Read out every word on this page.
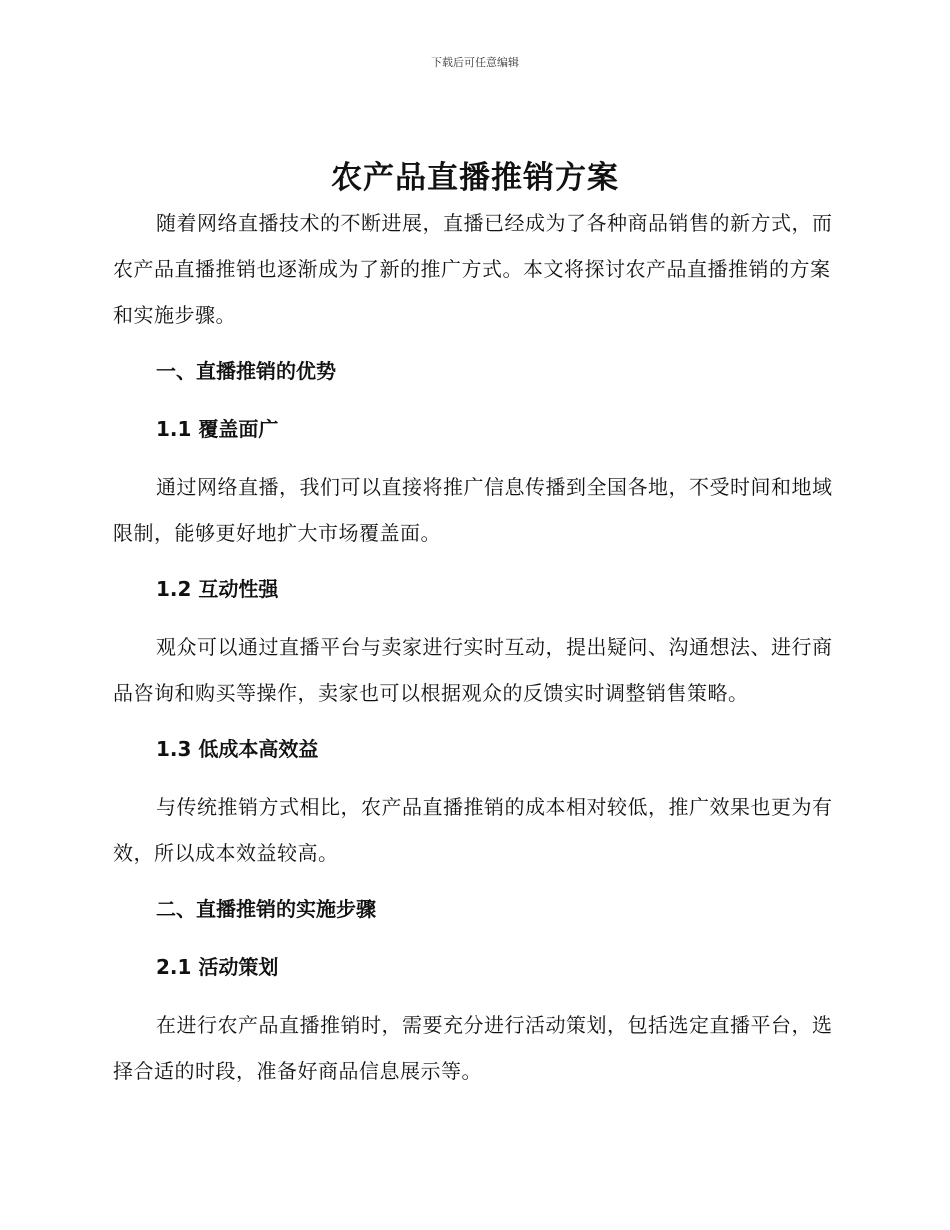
下载后可任意编辑
农产品直播推销方案

随着网络直播技术的不断进展，直播已经成为了各种商品销售的新方式，而农产品直播推销也逐渐成为了新的推广方式。本文将探讨农产品直播推销的方案和实施步骤。

一、直播推销的优势
1.1 覆盖面广

通过网络直播，我们可以直接将推广信息传播到全国各地，不受时间和地域限制，能够更好地扩大市场覆盖面。

1.2 互动性强

观众可以通过直播平台与卖家进行实时互动，提出疑问、沟通想法、进行商品咨询和购买等操作，卖家也可以根据观众的反馈实时调整销售策略。

1.3 低成本高效益

与传统推销方式相比，农产品直播推销的成本相对较低，推广效果也更为有效，所以成本效益较高。

二、直播推销的实施步骤
2.1 活动策划

在进行农产品直播推销时，需要充分进行活动策划，包括选定直播平台，选择合适的时段，准备好商品信息展示等。
